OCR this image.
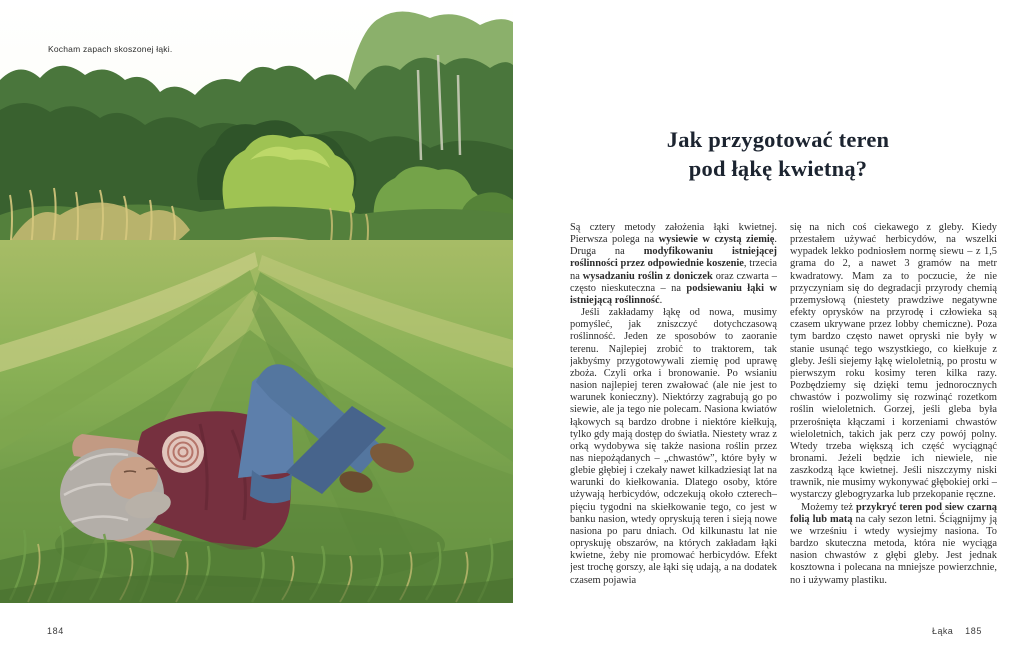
Kocham zapach skoszonej łąki.
Jak przygotować teren
pod łąkę kwietną?

Są cztery metody założenia łąki kwietnej. Pierwsza polega na wysiewie w czystą ziemię. Druga na modyfikowaniu istniejącej roślinności przez odpowiednie koszenie, trzecia na wysadzaniu roślin z doniczek oraz czwarta – często nieskuteczna – na podsiewaniu łąki w istniejącą roślinność.

Jeśli zakładamy łąkę od nowa, musimy pomyśleć, jak zniszczyć dotychczasową roślinność. Jeden ze sposobów to zaoranie terenu. Najlepiej zrobić to traktorem, tak jakbyśmy przygotowywali ziemię pod uprawę zboża. Czyli orka i bronowanie. Po wsianiu nasion najlepiej teren zwałować (ale nie jest to warunek konieczny). Niektórzy zagrabują go po siewie, ale ja tego nie polecam. Nasiona kwiatów łąkowych są bardzo drobne i niektóre kiełkują, tylko gdy mają dostęp do światła. Niestety wraz z orką wydobywa się także nasiona roślin przez nas niepożądanych – „chwastów”, które były w glebie głębiej i czekały nawet kilkadziesiąt lat na warunki do kiełkowania. Dlatego osoby, które używają herbicydów, odczekują około czterech–pięciu tygodni na skiełkowanie tego, co jest w banku nasion, wtedy opryskują teren i sieją nowe nasiona po paru dniach. Od kilkunastu lat nie opryskuję obszarów, na których zakładam łąki kwietne, żeby nie promować herbicydów. Efekt jest trochę gorszy, ale łąki się udają, a na dodatek czasem pojawia

się na nich coś ciekawego z gleby. Kiedy przestałem używać herbicydów, na wszelki wypadek lekko podniosłem normę siewu – z 1,5 grama do 2, a nawet 3 gramów na metr kwadratowy. Mam za to poczucie, że nie przyczyniam się do degradacji przyrody chemią przemysłową (niestety prawdziwe negatywne efekty oprysków na przyrodę i człowieka są czasem ukrywane przez lobby chemiczne). Poza tym bardzo często nawet opryski nie były w stanie usunąć tego wszystkiego, co kiełkuje z gleby. Jeśli siejemy łąkę wieloletnią, po prostu w pierwszym roku kosimy teren kilka razy. Pozbędziemy się dzięki temu jednorocznych chwastów i pozwolimy się rozwinąć rozetkom roślin wieloletnich. Gorzej, jeśli gleba była przerośnięta kłączami i korzeniami chwastów wieloletnich, takich jak perz czy powój polny. Wtedy trzeba większą ich część wyciągnąć bronami. Jeżeli będzie ich niewiele, nie zaszkodzą łące kwietnej. Jeśli niszczymy niski trawnik, nie musimy wykonywać głębokiej orki – wystarczy glebogryzarka lub przekopanie ręczne.

Możemy też przykryć teren pod siew czarną folią lub matą na cały sezon letni. Ściągnijmy ją we wrześniu i wtedy wysiejmy nasiona. To bardzo skuteczna metoda, która nie wyciąga nasion chwastów z głębi gleby. Jest jednak kosztowna i polecana na mniejsze powierzchnie, no i używamy plastiku.

184	Łąka 185
